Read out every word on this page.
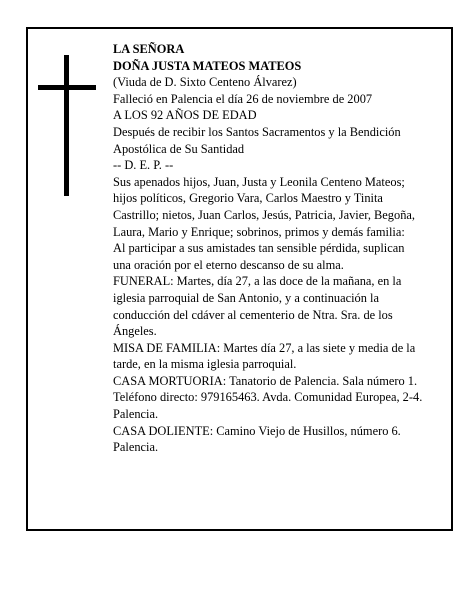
LA SEÑORA
DOÑA JUSTA MATEOS MATEOS
(Viuda de D. Sixto Centeno Álvarez)
Falleció en Palencia el día 26 de noviembre de 2007
A LOS 92 AÑOS DE EDAD
Después de recibir los Santos Sacramentos y la Bendición Apostólica de Su Santidad
-- D. E. P. --
Sus apenados hijos, Juan, Justa y Leonila Centeno Mateos; hijos políticos, Gregorio Vara, Carlos Maestro y Tinita Castrillo; nietos, Juan Carlos, Jesús, Patricia, Javier, Begoña, Laura, Mario y Enrique; sobrinos, primos y demás familia:
Al participar a sus amistades tan sensible pérdida, suplican una oración por el eterno descanso de su alma.
FUNERAL: Martes, día 27, a las doce de la mañana, en la iglesia parroquial de San Antonio, y a continuación la conducción del cdáver al cementerio de Ntra. Sra. de los Ángeles.
MISA DE FAMILIA: Martes día 27, a las siete y media de la tarde, en la misma iglesia parroquial.
CASA MORTUORIA: Tanatorio de Palencia. Sala número 1. Teléfono directo: 979165463. Avda. Comunidad Europea, 2-4. Palencia.
CASA DOLIENTE: Camino Viejo de Husillos, número 6. Palencia.
